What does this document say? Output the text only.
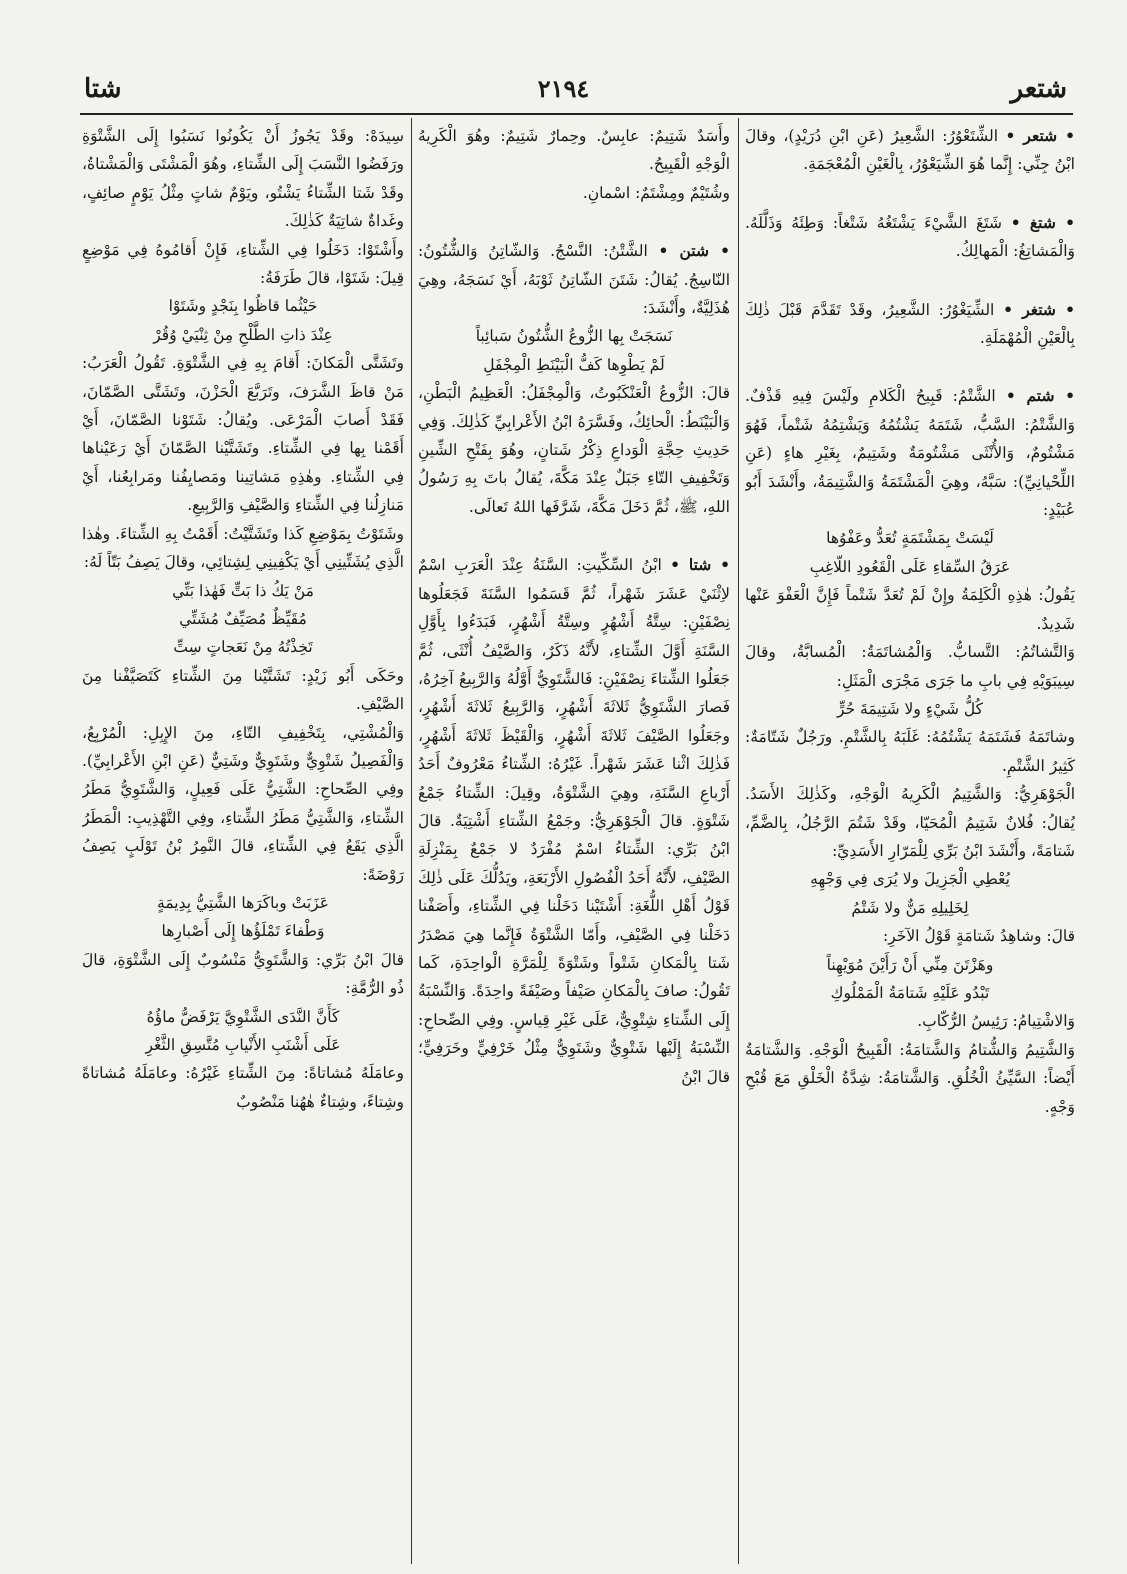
شتا	٢١٩٤	شتعر

• شتعر • الشِّتَعْوُرُ: الشَّعِيرُ (عَنِ ابْنِ دُرَيْدٍ)، وقالَ ابْنُ جِنِّي: إِنَّما هُوَ الشِّيَعْوُرُ، بِالْغَيْنِ الْمُعْجَمَةِ.

• شتغ • شَتَغَ الشَّيْءَ يَشْتَغُهُ شَتْغاً: وَطِئَهُ وَذَلَّلَهُ. وَالْمَشاتِغُ: الْمَهالِكُ.

• شتغر • الشِّيَغْوُرُ: الشَّعِيرُ، وقَدْ تَقَدَّمَ قَبْلَ ذٰلِكَ بِالْعَيْنِ الْمُهْمَلَةِ.

• شتم • الشَّتْمُ: قَبِيحُ الْكَلامِ ولَيْسَ فِيهِ قَذْفٌ. وَالشَّتْمُ: السَّبُّ، شَتَمَهُ يَشْتُمُهُ وَيَشْتِمُهُ شَتْماً، فَهُوَ مَشْتُومٌ، وَالأُنْثَى مَشْتُومَةٌ وشَتِيمٌ، بِغَيْرِ هاءٍ (عَنِ اللِّحْيانِيِّ): سَبَّهُ، وهِيَ الْمَشْتَمَةُ وَالشَّتِيمَةُ، وأَنْشَدَ أَبُو عُبَيْدٍ:

لَيْسَتْ بِمَشْتَمَةٍ تُعَدُّ وعَفْوُها

عَرَقُ السِّقاءِ عَلَى الْقَعُودِ اللّاغِبِ

يَقُولُ: هٰذِهِ الْكَلِمَةُ وإِنْ لَمْ تُعَدَّ شَتْماً فَإِنَّ الْعَفْوَ عَنْها شَدِيدٌ.

وَالتَّشاتُمُ: التَّسابُّ. وَالْمُشاتَمَةُ: الْمُسابَّةُ، وقالَ سِيبَوَيْهِ فِي بابِ ما جَرَى مَجْرَى الْمَثَلِ:

كُلُّ شَيْءٍ ولا شَتِيمَةَ حُرٍّ

وشاتَمَهُ فَشَتَمَهُ يَشْتُمُهُ: غَلَبَهُ بِالشَّتْمِ. ورَجُلٌ شَتّامَةٌ: كَثِيرُ الشَّتْمِ.

الْجَوْهَرِيُّ: وَالشَّتِيمُ الْكَرِيهُ الْوَجْهِ، وكَذٰلِكَ الأَسَدُ. يُقالُ: فُلانٌ شَتِيمُ الْمُحَيّا، وقَدْ شَتُمَ الرَّجُلُ، بِالضَّمِّ، شَتامَةً، وأَنْشَدَ ابْنُ بَرِّي لِلْمَرّارِ الأَسَدِيِّ:

يُعْطِي الْجَزِيلَ ولا يُرَى فِي وَجْهِهِ

لِخَلِيلِهِ مَنٌّ ولا شَتْمُ

قالَ: وشاهِدُ شَتامَةٍ قَوْلُ الآخَرِ:

وهَزْتَنَ مِنِّي أَنْ رَأَيْنَ مُوَيْهِناً

تَبْدُو عَلَيْهِ شَتامَةُ الْمَمْلُوكِ

وَالاشْتِيامُ: رَئِيسُ الرُّكّابِ.

وَالشَّتِيمُ وَالشُّتامُ وَالشَّتامَةُ: الْقَبِيحُ الْوَجْهِ. وَالشَّتامَةُ أَيْضاً: السَّيِّئُ الْخُلُقِ. وَالشَّتامَةُ: شِدَّةُ الْخَلْقِ مَعَ قُبْحِ وَجْهٍ.

وأَسَدٌ شَتِيمٌ: عابِسٌ. وحِمارٌ شَتِيمٌ: وهُوَ الْكَرِيهُ الْوَجْهِ الْقَبِيحُ.

وشُتَيْمٌ ومِشْتَمٌ: اسْمانِ.

• شتن • الشَّتْنُ: النَّسْجُ. وَالشّاتِنُ وَالشُّتُونُ: النّاسِجُ. يُقالُ: شَتَنَ الشّاتِنُ ثَوْبَهُ، أَيْ نَسَجَهُ، وهِيَ هُذَلِيَّةٌ، وأَنْشَدَ:

نَسَجَتْ بِها الزُّوعُ الشُّتُونُ سَبائِباً

لَمْ يَطْوِها كَفُّ الْبَيْنَطِ الْمِجْفَلِ

قالَ: الزُّوعُ الْعَنْكَبُوتُ، وَالْمِجْفَلُ: الْعَظِيمُ الْبَطْنِ، وَالْبَيْنَطُ: الْحائِكُ، وفَسَّرَهُ ابْنُ الأَعْرابِيِّ كَذٰلِكَ. وَفِي حَدِيثِ حِجَّةِ الْوَداعِ ذِكْرُ شَتانٍ، وهُوَ بِفَتْحِ الشِّينِ وَتَخْفِيفِ التّاءِ جَبَلٌ عِنْدَ مَكَّةَ، يُقالُ باتَ بِهِ رَسُولُ اللهِ، ﷺ، ثُمَّ دَخَلَ مَكَّةَ، شَرَّفَها اللهُ تَعالَى.

• شتا • ابْنُ السِّكِّيتِ: السَّنَةُ عِنْدَ الْعَرَبِ اسْمٌ لاِثْنَيْ عَشَرَ شَهْراً، ثُمَّ قَسَمُوا السَّنَةَ فَجَعَلُوها نِصْفَيْنِ: سِتَّةُ أَشْهُرٍ وسِتَّةُ أَشْهُرٍ، فَبَدَءُوا بِأَوَّلِ السَّنَةِ أَوَّلَ الشِّتاءِ، لأَنَّهُ ذَكَرٌ، وَالصَّيْفُ أُنْثَى، ثُمَّ جَعَلُوا الشِّتاءَ نِصْفَيْنِ: فَالشَّتَوِيُّ أَوَّلُهُ وَالرَّبِيعُ آخِرُهُ، فَصارَ الشَّتَوِيُّ ثَلاثَةَ أَشْهُرٍ، وَالرَّبِيعُ ثَلاثَةَ أَشْهُرٍ، وجَعَلُوا الصَّيْفَ ثَلاثَةَ أَشْهُرٍ، وَالْقَيْظَ ثَلاثَةَ أَشْهُرٍ، فَذٰلِكَ اثْنا عَشَرَ شَهْراً. غَيْرُهُ: الشِّتاءُ مَعْرُوفٌ أَحَدُ أَرْباعِ السَّنَةِ، وهِيَ الشَّتْوَةُ، وقِيلَ: الشِّتاءُ جَمْعُ شَتْوَةٍ. قالَ الْجَوْهَرِيُّ: وجَمْعُ الشِّتاءِ أَشْتِيَةٌ. قالَ ابْنُ بَرِّي: الشِّتاءُ اسْمٌ مُفْرَدٌ لا جَمْعٌ بِمَنْزِلَةِ الصَّيْفِ، لأَنَّهُ أَحَدُ الْفُصُولِ الأَرْبَعَةِ، ويَدُلُّكَ عَلَى ذٰلِكَ قَوْلُ أَهْلِ اللُّغَةِ: أَشْتَيْنا دَخَلْنا فِي الشِّتاءِ، وأَصَفْنا دَخَلْنا فِي الصَّيْفِ، وأَمّا الشَّتْوَةُ فَإِنَّما هِيَ مَصْدَرُ شَتا بِالْمَكانِ شَتْواً وشَتْوَةً لِلْمَرَّةِ الْواحِدَةِ، كَما تَقُولُ: صافَ بِالْمَكانِ صَيْفاً وصَيْفَةً واحِدَةً. وَالنِّسْبَةُ إِلَى الشِّتاءِ شِتْوِيٌّ، عَلَى غَيْرِ قِياسٍ. وفِي الصِّحاحِ: النِّسْبَةُ إِلَيْها شَتْوِيٌّ وشَتَوِيٌّ مِثْلُ خَرْفِيٍّ وخَرَفِيٍّ؛ قالَ ابْنُ

سِيدَهْ: وقَدْ يَجُوزُ أَنْ يَكُونُوا نَسَبُوا إِلَى الشَّتْوَةِ ورَفَضُوا النَّسَبَ إِلَى الشِّتاءِ، وهُوَ الْمَشْتَى وَالْمَشْتاةُ، وقَدْ شَتا الشِّتاءُ يَشْتُو، ويَوْمٌ شاتٍ مِثْلُ يَوْمٍ صائِفٍ، وغَداةٌ شاتِيَةٌ كَذٰلِكَ.

وأَشْتَوْا: دَخَلُوا فِي الشِّتاءِ، فَإِنْ أَقامُوهُ فِي مَوْضِعٍ قِيلَ: شَتَوْا، قالَ طَرَفَةُ:

حَيْثُما قاظُوا بِنَجْدٍ وشَتَوْا

عِنْدَ ذاتِ الطَّلْحِ مِنْ ثِنْيَيْ وُقُرْ

وتَشَتَّى الْمَكانَ: أَقامَ بِهِ فِي الشَّتْوَةِ. تَقُولُ الْعَرَبُ: مَنْ قاظَ الشَّرَفَ، وتَرَبَّعَ الْحَزْنَ، وتَشَتَّى الصَّمّانَ، فَقَدْ أَصابَ الْمَرْعَى. ويُقالُ: شَتَوْنا الصَّمّانَ، أَيْ أَقَمْنا بِها فِي الشِّتاءِ. وتَشَتَّيْنا الصَّمّانَ أَيْ رَعَيْناها فِي الشِّتاءِ. وهٰذِهِ مَشاتِينا ومَصايِفُنا ومَرابِعُنا، أَيْ مَنازِلُنا فِي الشِّتاءِ وَالصَّيْفِ وَالرَّبِيعِ.

وشَتَوْتُ بِمَوْضِعِ كَذا وتَشَتَّيْتُ: أَقَمْتُ بِهِ الشِّتاءَ. وهٰذا الَّذِي يُشَتِّينِي أَيْ يَكْفِينِي لِشِتائِي، وقالَ يَصِفُ بَتّاً لَهُ:

مَنْ يَكُ ذا بَتٍّ فَهٰذا بَتِّي

مُقَيِّظٌ مُصَيِّفٌ مُشَتِّي

تَخِذْتُهُ مِنْ نَعَجاتٍ سِتِّ

وحَكَى أَبُو زَيْدٍ: تَشَتَّيْنا مِنَ الشِّتاءِ كَتَصَيَّفْنا مِنَ الصَّيْفِ.

وَالْمُشْتِي، بِتَخْفِيفِ التّاءِ، مِنَ الإِبِلِ: الْمُرْبِعُ، وَالْفَصِيلُ شَتْوِيٌّ وشَتَوِيٌّ وشَتِيٌّ (عَنِ ابْنِ الأَعْرابِيِّ). وفِي الصِّحاحِ: الشَّتِيُّ عَلَى فَعِيلٍ، وَالشَّتَوِيُّ مَطَرُ الشِّتاءِ، وَالشَّتِيُّ مَطَرُ الشِّتاءِ، وفِي التَّهْذِيبِ: الْمَطَرُ الَّذِي يَقَعُ فِي الشِّتاءِ، قالَ النَّمِرُ بْنُ تَوْلَبٍ يَصِفُ رَوْضَةً:

عَزَبَتْ وباكَرَها الشَّتِيُّ بِدِيمَةٍ

وَطْفاءَ تَمْلَؤُها إِلَى أَصْبارِها

قالَ ابْنُ بَرِّي: وَالشَّتَوِيُّ مَنْسُوبٌ إِلَى الشَّتْوَةِ، قالَ ذُو الرُّمَّةِ:

كَأَنَّ النَّدَى الشَّتْوِيَّ يَرْفَضُّ ماؤُهُ

عَلَى أَشْنَبِ الأَنْيابِ مُتَّسِقِ الثَّغْرِ

وعامَلَهُ مُشاتاةً: مِنَ الشِّتاءِ غَيْرُهُ: وعامَلَهُ مُشاتاةً وشِتاءً، وشِتاءٌ هٰهُنا مَنْصُوبٌ
